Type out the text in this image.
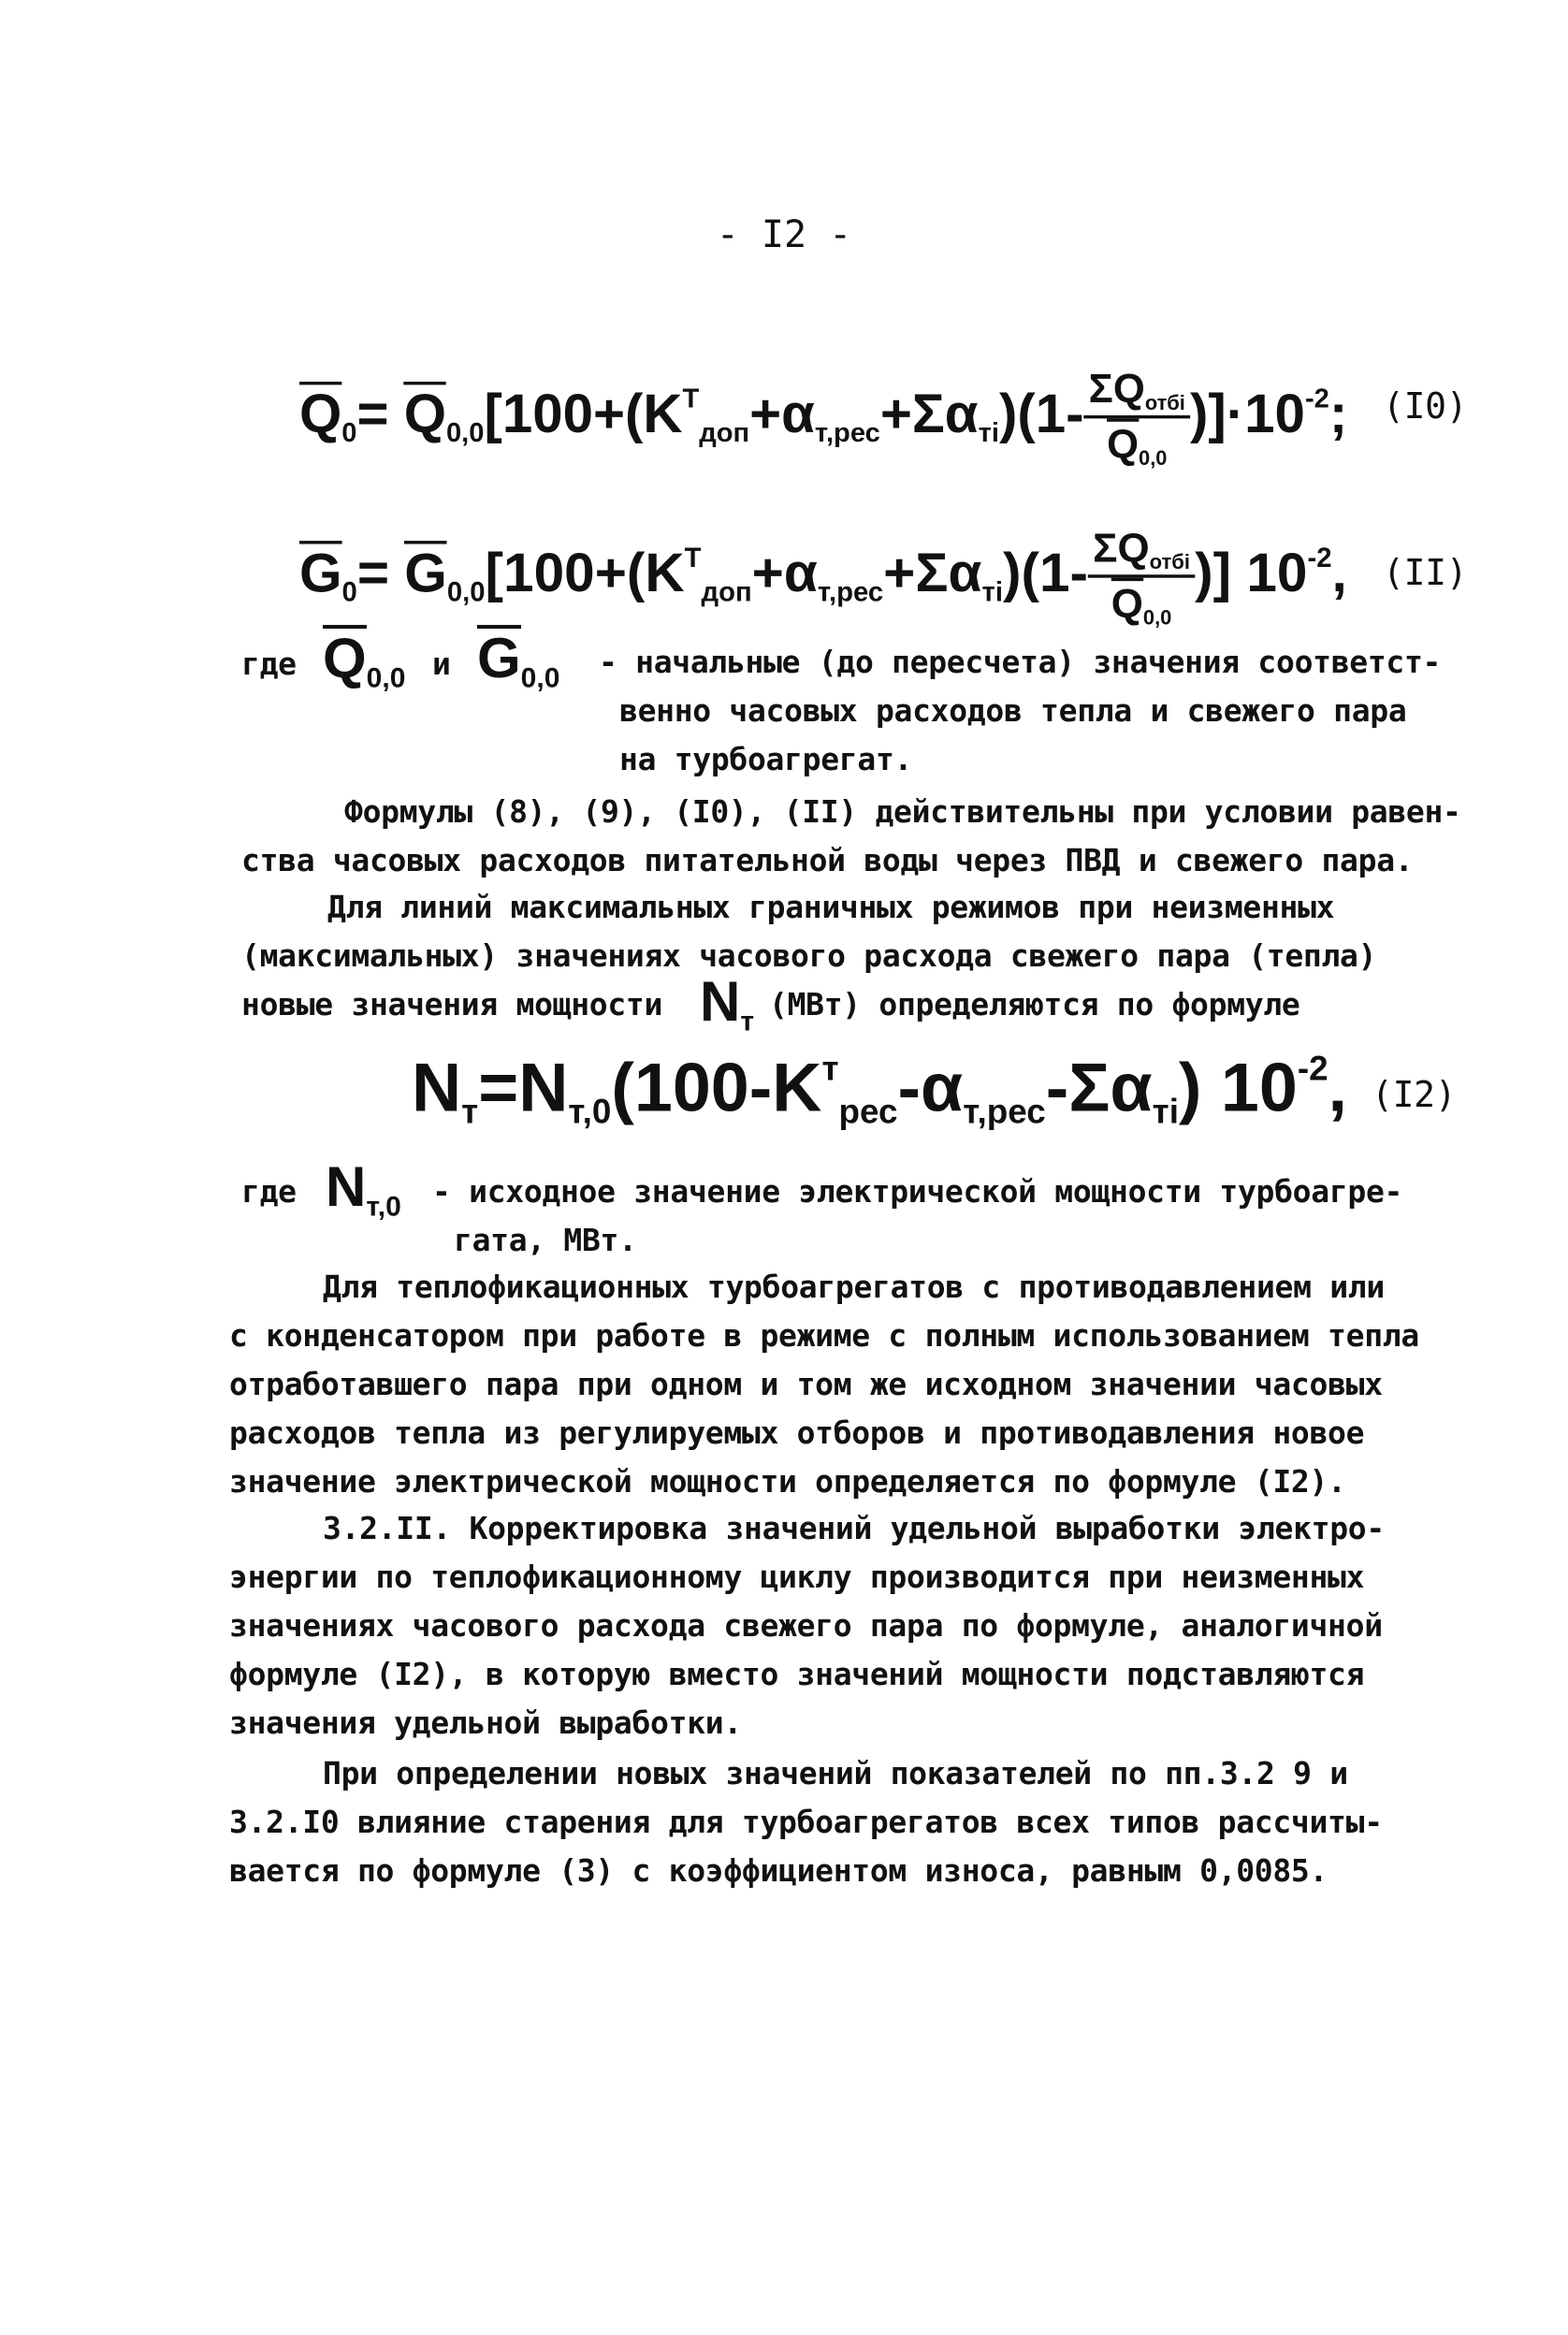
- I2 -
$Q_0= Q_{0,0}[100+(K^T_{доп}+\alpha_{т,рес}+\Sigma\alpha_{тi})(1- \frac{\Sigma Q_{отбi}}{Q_{0,0}} )]\cdot 10^{-2}$; (I0)
$G_0= G_{0,0}[100+(K^T_{доп}+\alpha_{т,рес}+\Sigma\alpha_{тi})(1- \frac{\Sigma Q_{отбi}}{Q_{0,0}}$ )] $10^{-2}$, (II)
где $Q_{0,0}$ и $G_{0,0}$ - начальные (до пересчета) значения соответст-
венно часовых расходов тепла и свежего пара
на турбоагрегат.
Формулы (8), (9), (I0), (II) действительны при условии равен-
ства часовых расходов питательной воды через ПВД и свежего пара.
Для линий максимальных граничных режимов при неизменных
(максимальных) значениях часового расхода свежего пара (тепла)
новые значения мощности $N_т$ (МВт) определяются по формуле
$N_т=N_{т,0}(100-K^т_{рес}-\alpha_{т,рес}-\Sigma\alpha_{тi})$ $10^{-2}$, (I2)
где $N_{т,0}$ - исходное значение электрической мощности турбоагре-
гата, МВт.
Для теплофикационных турбоагрегатов с противодавлением или
с конденсатором при работе в режиме с полным использованием тепла
отработавшего пара при одном и том же исходном значении часовых
расходов тепла из регулируемых отборов и противодавления новое
значение электрической мощности определяется по формуле (I2).
3.2.II. Корректировка значений удельной выработки электро-
энергии по теплофикационному циклу производится при неизменных
значениях часового расхода свежего пара по формуле, аналогичной
формуле (I2), в которую вместо значений мощности подставляются
значения удельной выработки.
При определении новых значений показателей по пп.3.2 9 и
3.2.I0 влияние старения для турбоагрегатов всех типов рассчиты-
вается по формуле (3) с коэффициентом износа, равным 0,0085.
